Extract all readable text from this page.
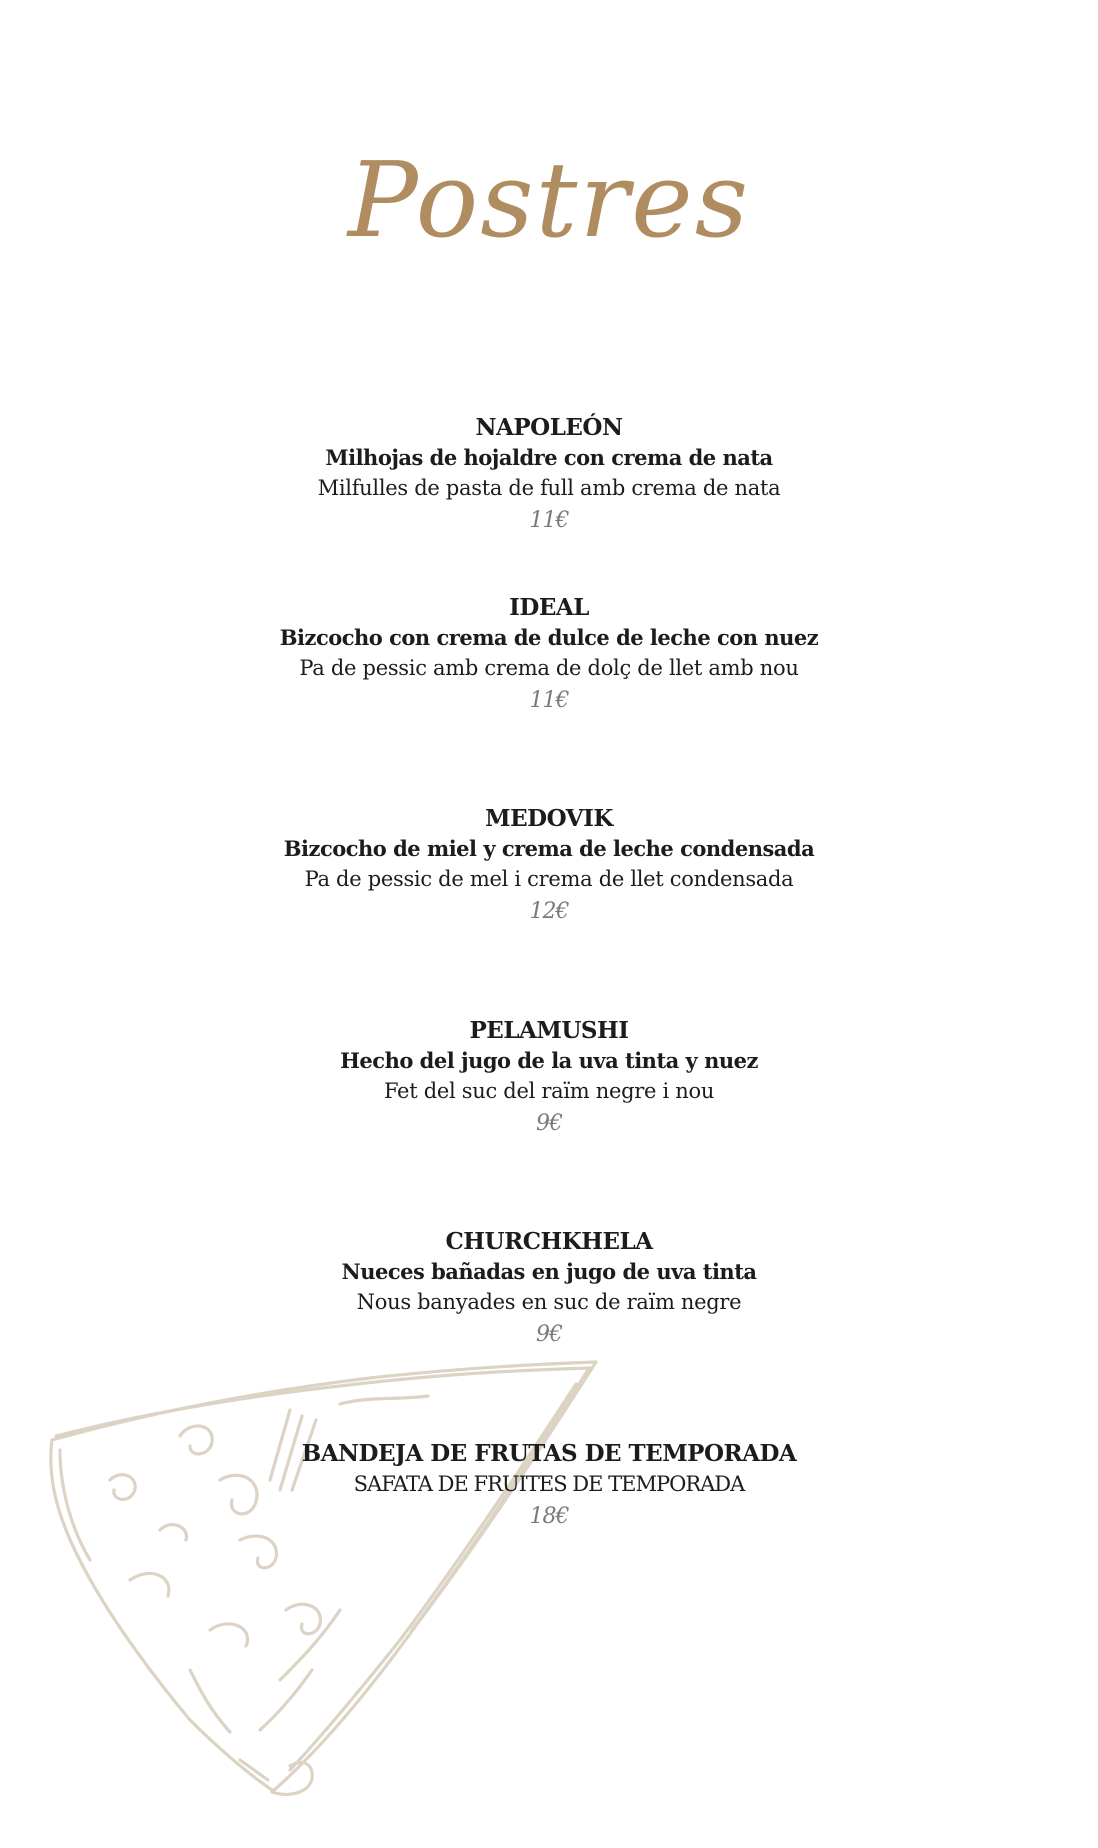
Postres
NAPOLEÓN
Milhojas de hojaldre con crema de nata
Milfulles de pasta de full amb crema de nata
11€
IDEAL
Bizcocho con crema de dulce de leche con nuez
Pa de pessic amb crema de dolç de llet amb nou
11€
MEDOVIK
Bizcocho de miel y crema de leche condensada
Pa de pessic de mel i crema de llet condensada
12€
PELAMUSHI
Hecho del jugo de la uva tinta y nuez
Fet del suc del raïm negre i nou
9€
CHURCHKHELA
Nueces bañadas en jugo de uva tinta
Nous banyades en suc de raïm negre
9€
BANDEJA DE FRUTAS DE TEMPORADA
SAFATA DE FRUITES DE TEMPORADA
18€
